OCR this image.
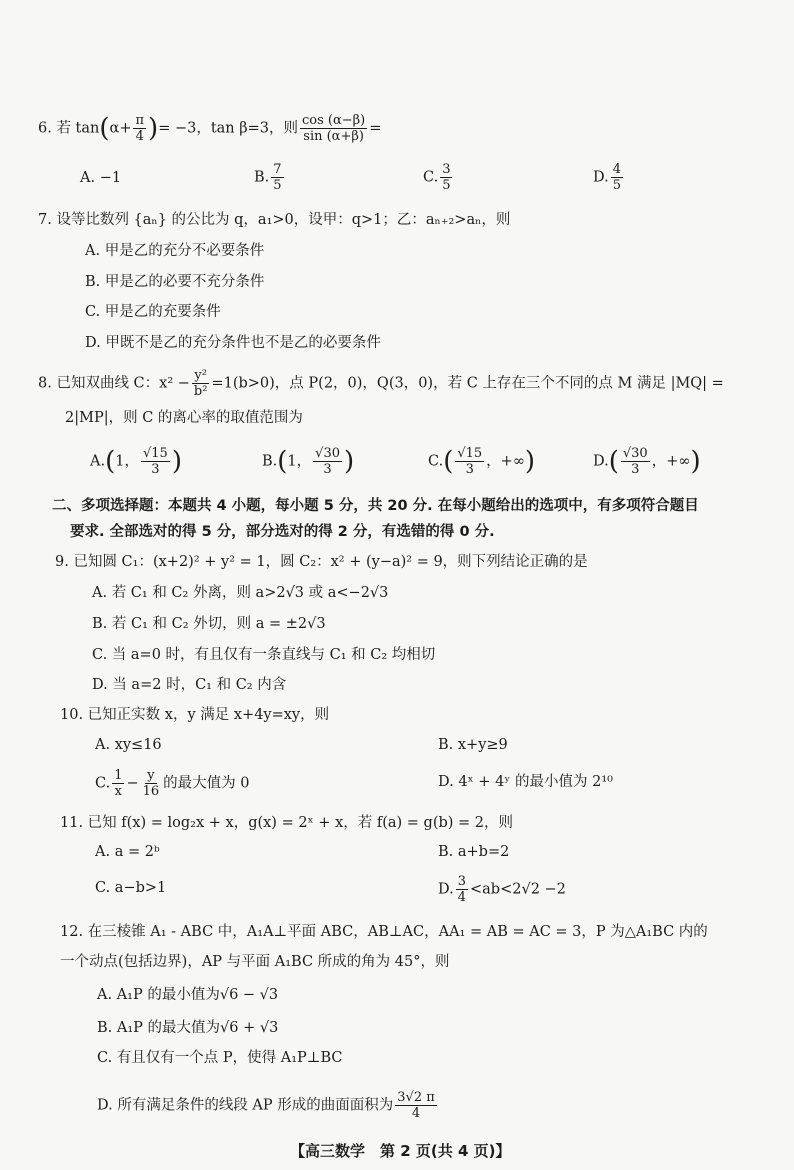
6. 若 $\tan(\alpha+ \frac{\pi}{4}$ )= −3，tan β=3，则 $\frac{\cos (\alpha-\beta)}{\sin (\alpha+\beta)}$ =
A. −1	B. $\frac{7}{5}$	C. $\frac{3}{5}$	D. $\frac{4}{5}$
7. 设等比数列 {aₙ} 的公比为 q，a₁>0，设甲：q>1；乙：aₙ₊₂>aₙ，则
A. 甲是乙的充分不必要条件
B. 甲是乙的必要不充分条件
C. 甲是乙的充要条件
D. 甲既不是乙的充分条件也不是乙的必要条件
8. 已知双曲线 C：$x^2 - \frac{\text{y²}}{\text{b²}} =1(b>0)$，点 P(2，0)，Q(3，0)，若 C 上存在三个不同的点 M 满足 |MQ| =
2|MP|，则 C 的离心率的取值范围为
A.(1， $\frac{√15}{3}$ )	B.(1， $\frac{√30}{3}$ )	$C.( \frac{√15}{3}$ ，+∞)	$D.( \frac{√30}{3}$ ，+∞)
二、多项选择题：本题共 4 小题，每小题 5 分，共 20 分. 在每小题给出的选项中，有多项符合题目
要求. 全部选对的得 5 分，部分选对的得 2 分，有选错的得 0 分.
9. 已知圆 C₁：(x+2)² + y² = 1，圆 C₂：x² + (y−a)² = 9，则下列结论正确的是
A. 若 C₁ 和 C₂ 外离，则 a>2√3 或 a<−2√3
B. 若 C₁ 和 C₂ 外切，则 a = ±2√3
C. 当 a=0 时，有且仅有一条直线与 C₁ 和 C₂ 均相切
D. 当 a=2 时，C₁ 和 C₂ 内含
10. 已知正实数 x，y 满足 x+4y=xy，则
A. xy≤16	B. x+y≥9
C. $\frac{1}{x} - \frac{y}{16}$ 的最大值为 0	D. 4ˣ + 4ʸ 的最小值为 2¹⁰
11. 已知 f(x) = log₂x + x，g(x) = 2ˣ + x，若 f(a) = g(b) = 2，则
A. a = 2ᵇ	B. a+b=2
C. a−b>1	D. $\frac{3}{4} <ab<2√2 -2$
12. 在三棱锥 A₁ - ABC 中，A₁A⊥平面 ABC，AB⊥AC，AA₁ = AB = AC = 3，P 为△A₁BC 内的
一个动点(包括边界)，AP 与平面 A₁BC 所成的角为 45°，则
A. A₁P 的最小值为√6 − √3
B. A₁P 的最大值为√6 + √3
C. 有且仅有一个点 P，使得 A₁P⊥BC
D. 所有满足条件的线段 AP 形成的曲面面积为 $\frac{3√2 \pi}{4}$
【高三数学　第 2 页(共 4 页)】
